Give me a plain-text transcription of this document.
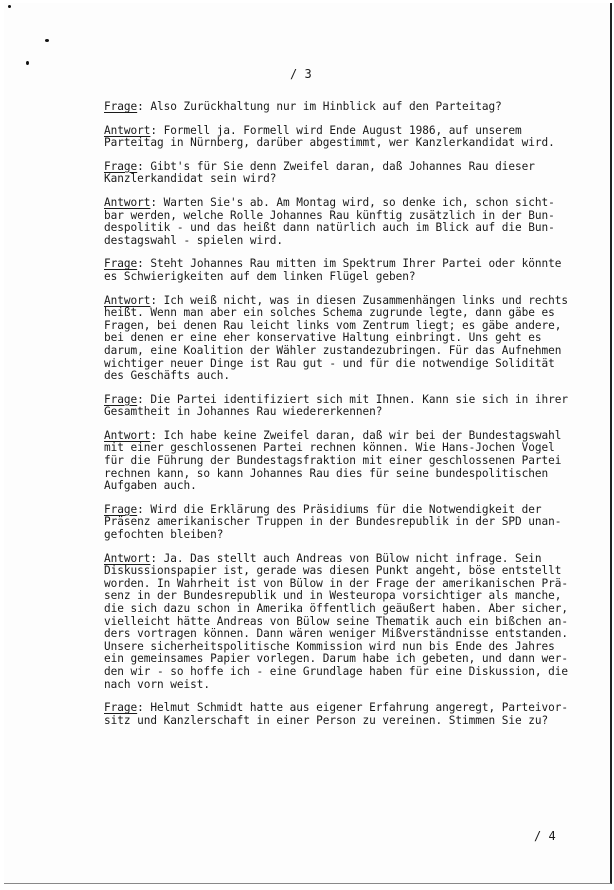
/ 3

Frage: Also Zurückhaltung nur im Hinblick auf den Parteitag?

Antwort: Formell ja. Formell wird Ende August 1986, auf unserem
Parteitag in Nürnberg, darüber abgestimmt, wer Kanzlerkandidat wird.

Frage: Gibt's für Sie denn Zweifel daran, daß Johannes Rau dieser
Kanzlerkandidat sein wird?

Antwort: Warten Sie's ab. Am Montag wird, so denke ich, schon sicht-
bar werden, welche Rolle Johannes Rau künftig zusätzlich in der Bun-
despolitik - und das heißt dann natürlich auch im Blick auf die Bun-
destagswahl - spielen wird.

Frage: Steht Johannes Rau mitten im Spektrum Ihrer Partei oder könnte
es Schwierigkeiten auf dem linken Flügel geben?

Antwort: Ich weiß nicht, was in diesen Zusammenhängen links und rechts
heißt. Wenn man aber ein solches Schema zugrunde legte, dann gäbe es
Fragen, bei denen Rau leicht links vom Zentrum liegt; es gäbe andere,
bei denen er eine eher konservative Haltung einbringt. Uns geht es
darum, eine Koalition der Wähler zustandezubringen. Für das Aufnehmen
wichtiger neuer Dinge ist Rau gut - und für die notwendige Solidität
des Geschäfts auch.

Frage: Die Partei identifiziert sich mit Ihnen. Kann sie sich in ihrer
Gesamtheit in Johannes Rau wiedererkennen?

Antwort: Ich habe keine Zweifel daran, daß wir bei der Bundestagswahl
mit einer geschlossenen Partei rechnen können. Wie Hans-Jochen Vogel
für die Führung der Bundestagsfraktion mit einer geschlossenen Partei
rechnen kann, so kann Johannes Rau dies für seine bundespolitischen
Aufgaben auch.

Frage: Wird die Erklärung des Präsidiums für die Notwendigkeit der
Präsenz amerikanischer Truppen in der Bundesrepublik in der SPD unan-
gefochten bleiben?

Antwort: Ja. Das stellt auch Andreas von Bülow nicht infrage. Sein
Diskussionspapier ist, gerade was diesen Punkt angeht, böse entstellt
worden. In Wahrheit ist von Bülow in der Frage der amerikanischen Prä-
senz in der Bundesrepublik und in Westeuropa vorsichtiger als manche,
die sich dazu schon in Amerika öffentlich geäußert haben. Aber sicher,
vielleicht hätte Andreas von Bülow seine Thematik auch ein bißchen an-
ders vortragen können. Dann wären weniger Mißverständnisse entstanden.
Unsere sicherheitspolitische Kommission wird nun bis Ende des Jahres
ein gemeinsames Papier vorlegen. Darum habe ich gebeten, und dann wer-
den wir - so hoffe ich - eine Grundlage haben für eine Diskussion, die
nach vorn weist.

Frage: Helmut Schmidt hatte aus eigener Erfahrung angeregt, Parteivor-
sitz und Kanzlerschaft in einer Person zu vereinen. Stimmen Sie zu?

/ 4
